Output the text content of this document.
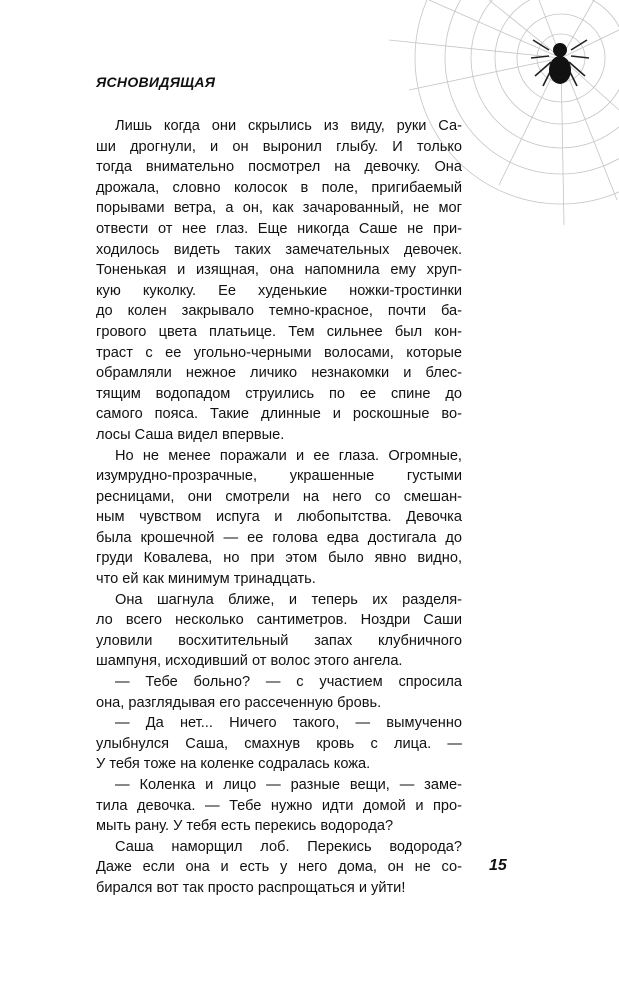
ЯСНОВИДЯЩАЯ
Лишь когда они скрылись из виду, руки Са-
ши дрогнули, и он выронил глыбу. И только
тогда внимательно посмотрел на девочку. Она
дрожала, словно колосок в поле, пригибаемый
порывами ветра, а он, как зачарованный, не мог
отвести от нее глаз. Еще никогда Саше не при-
ходилось видеть таких замечательных девочек.
Тоненькая и изящная, она напомнила ему хруп-
кую куколку. Ее худенькие ножки-тростинки
до колен закрывало темно-красное, почти ба-
грового цвета платьице. Тем сильнее был кон-
траст с ее угольно-черными волосами, которые
обрамляли нежное личико незнакомки и блес-
тящим водопадом струились по ее спине до
самого пояса. Такие длинные и роскошные во-
лосы Саша видел впервые.
Но не менее поражали и ее глаза. Огромные,
изумрудно-прозрачные, украшенные густыми
ресницами, они смотрели на него со смешан-
ным чувством испуга и любопытства. Девочка
была крошечной — ее голова едва достигала до
груди Ковалева, но при этом было явно видно,
что ей как минимум тринадцать.
Она шагнула ближе, и теперь их разделя-
ло всего несколько сантиметров. Ноздри Саши
уловили восхитительный запах клубничного
шампуня, исходивший от волос этого ангела.
— Тебе больно? — с участием спросила
она, разглядывая его рассеченную бровь.
— Да нет... Ничего такого, — вымученно
улыбнулся Саша, смахнув кровь с лица. —
У тебя тоже на коленке содралась кожа.
— Коленка и лицо — разные вещи, — заме-
тила девочка. — Тебе нужно идти домой и про-
мыть рану. У тебя есть перекись водорода?
Саша наморщил лоб. Перекись водорода?
Даже если она и есть у него дома, он не со-
бирался вот так просто распрощаться и уйти!
15
